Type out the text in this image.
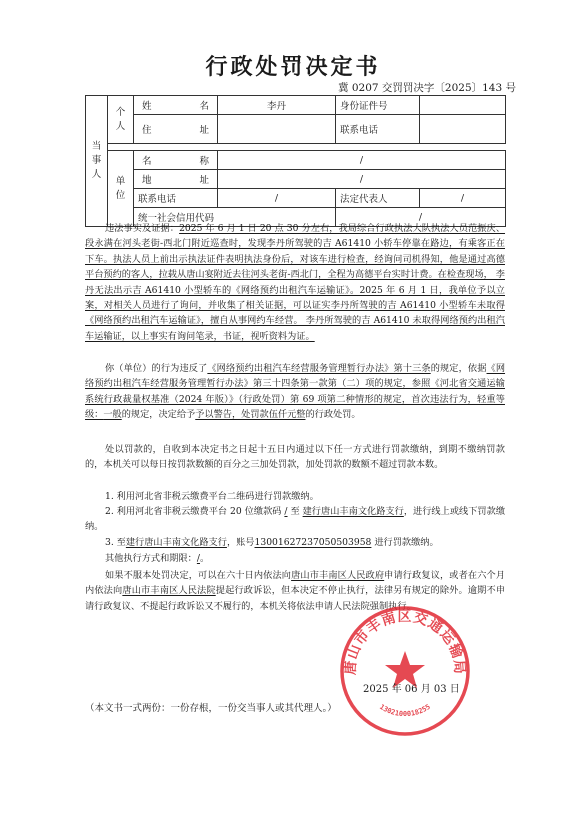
行政处罚决定书
冀 0207 交罚罚决字〔2025〕143 号
当事人	个人	姓 名	李丹	身份证件号	
		住 址		联系电话	

	单位	名 称	/		
		地 址	/		
		联系电话	/	法定代表人	/
		统一社会信用代码		/	

违法事实及证据：2025 年 6 月 1 日 20 点 30 分左右，我局综合行政执法大队执法人员范振庆、段永满在河头老街-西北门附近巡查时，发现李丹所驾驶的吉 A61410 小轿车停靠在路边，有乘客正在下车。执法人员上前出示执法证件表明执法身份后，对该车进行检查，经询问司机得知，他是通过高德平台预约的客人，拉载从唐山宴附近去往河头老街-西北门，全程为高德平台实时计费。在检查现场， 李丹无法出示吉 A61410 小型轿车的《网络预约出租汽车运输证》。2025 年 6 月 1 日，我单位予以立案，对相关人员进行了询问，并收集了相关证据，可以证实李丹所驾驶的吉 A61410 小型轿车未取得《网络预约出租汽车运输证》，擅自从事网约车经营。 李丹所驾驶的吉 A61410 未取得网络预约出租汽车运输证，以上事实有询问笔录，书证，视听资料为证。

你（单位）的行为违反了《网络预约出租汽车经营服务管理暂行办法》第十三条的规定，依据《网络预约出租汽车经营服务管理暂行办法》第三十四条第一款第（二）项的规定，参照《河北省交通运输系统行政裁量权基准（2024 年版）》（行政处罚）第 69 项第二种情形的规定，首次违法行为，轻重等级：一般的规定，决定给予予以警告，处罚款伍仟元整的行政处罚。

处以罚款的，自收到本决定书之日起十五日内通过以下任一方式进行罚款缴纳，到期不缴纳罚款的，本机关可以每日按罚款数额的百分之三加处罚款，加处罚款的数额不超过罚款本数。

1. 利用河北省非税云缴费平台二维码进行罚款缴纳。

2. 利用河北省非税云缴费平台 20 位缴款码 / 至 建行唐山丰南文化路支行，进行线上或线下罚款缴纳。

3. 至建行唐山丰南文化路支行，账号13001627237050503958 进行罚款缴纳。

其他执行方式和期限：/。

如果不服本处罚决定，可以在六十日内依法向唐山市丰南区人民政府申请行政复议，或者在六个月内依法向唐山市丰南区人民法院提起行政诉讼，但本决定不停止执行，法律另有规定的除外。逾期不申请行政复议、不提起行政诉讼又不履行的，本机关将依法申请人民法院强制执行。

唐山市丰南区交通运输局
1302100018255
2025 年 06 月 03 日
（本文书一式两份：一份存根，一份交当事人或其代理人。）
